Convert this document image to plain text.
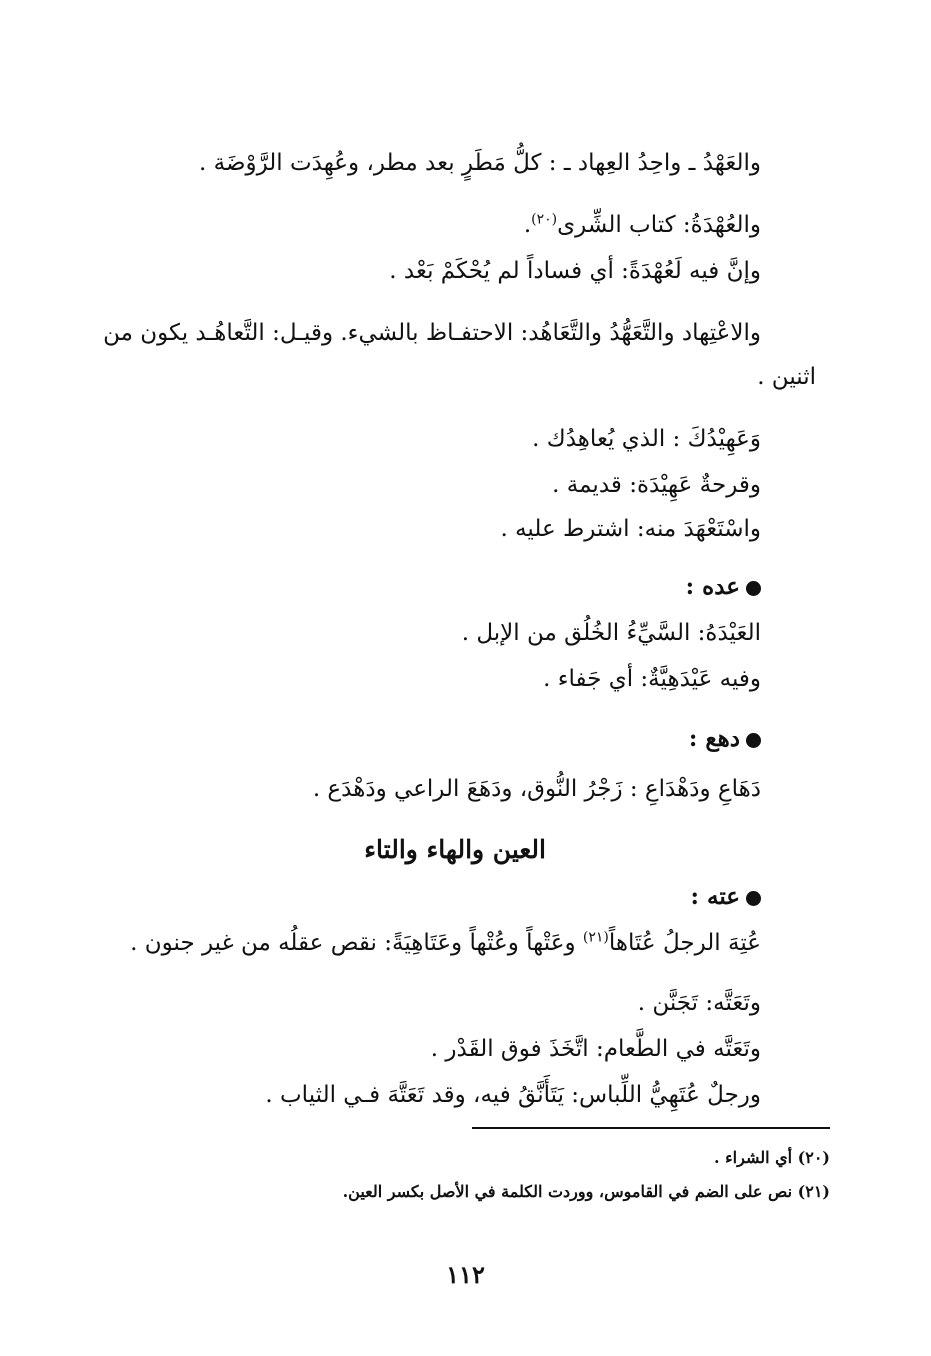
والعَهْدُ ـ واحِدُ العِهاد ـ : كلُّ مَطَرٍ بعد مطر، وعُهِدَت الرَّوْضَة .
والعُهْدَةُ: كتاب الشِّرى$^{(٢٠)}$.
وإنَّ فيه لَعُهْدَةً: أي فساداً لم يُحْكَمْ بَعْد .
والاعْتِهاد والتَّعَهُّدُ والتَّعَاهُد: الاحتفـاظ بالشيء. وقيـل: التَّعاهُـد يكون من
اثنين .
وَعَهِيْدُكَ : الذي يُعاهِدُك .
وقرحةٌ عَهِيْدَة: قديمة .
واسْتَعْهَدَ منه: اشترط عليه .
عده :
العَيْدَهُ: السَّيِّءُ الخُلُق من الإبل .
وفيه عَيْدَهِيَّةٌ: أي جَفاء .
دهع :
دَهَاعِ ودَهْدَاعِ : زَجْرُ النُّوق، ودَهَعَ الراعي ودَهْدَع .
العين والهاء والتاء
عته :
عُتِهَ الرجلُ عُتَاهاً$^{(٢١)}$ وعَتْهاً وعُتْهاً وعَتَاهِيَةً: نقص عقلُه من غير جنون .
وتَعَتَّه: تَجَنَّن .
وتَعَتَّه في الطَّعام: اتَّخَذَ فوق القَدْر .
ورجلٌ عُتَهِيُّ اللِّباس: يَتَأَنَّقُ فيه، وقد تَعَتَّهَ فـي الثياب .
(٢٠) أي الشراء .
(٢١) نص على الضم في القاموس، ووردت الكلمة في الأصل بكسر العين.
١١٢
